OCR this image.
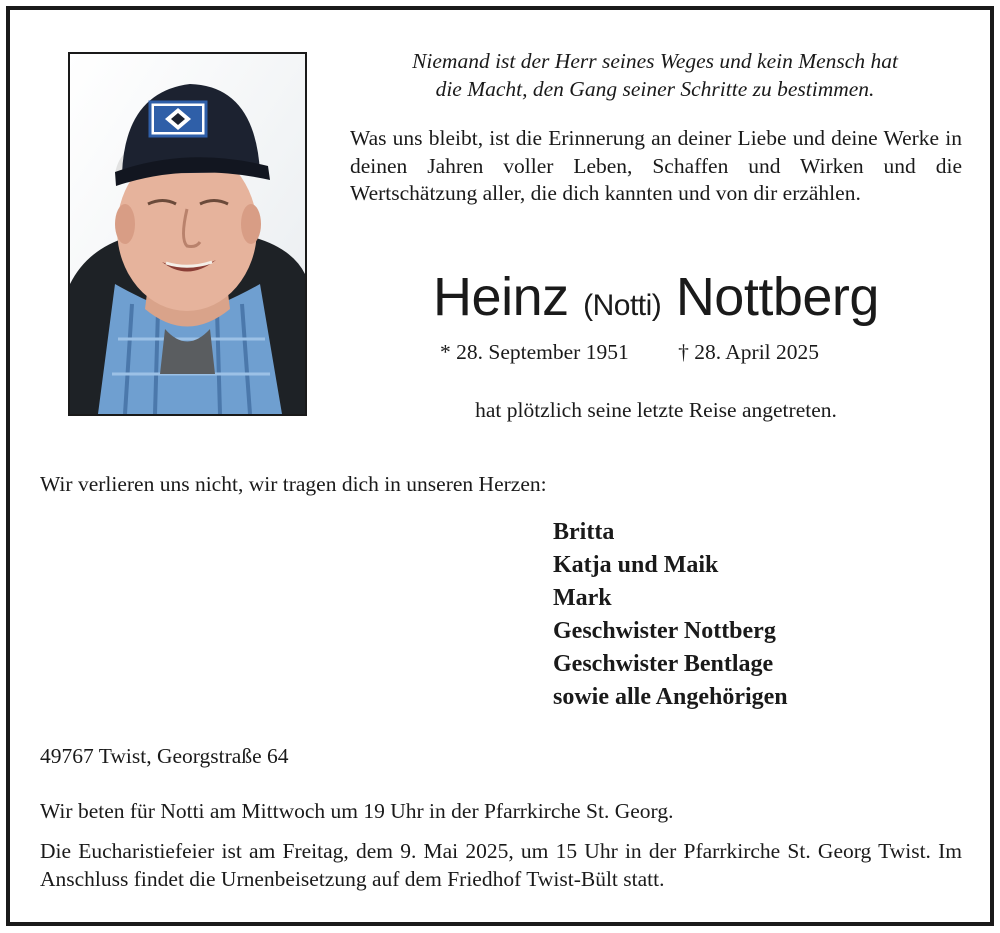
Niemand ist der Herr seines Weges und kein Mensch hat
die Macht, den Gang seiner Schritte zu bestimmen.
Was uns bleibt, ist die Erinnerung an deiner Liebe und deine Werke in deinen Jahren voller Leben, Schaffen und Wirken und die Wertschätzung aller, die dich kannten und von dir erzählen.
Heinz (Notti) Nottberg
* 28. September 1951 † 28. April 2025
hat plötzlich seine letzte Reise angetreten.
Wir verlieren uns nicht, wir tragen dich in unseren Herzen:
Britta
Katja und Maik
Mark
Geschwister Nottberg
Geschwister Bentlage
sowie alle Angehörigen
49767 Twist, Georgstraße 64
Wir beten für Notti am Mittwoch um 19 Uhr in der Pfarrkirche St. Georg.
Die Eucharistiefeier ist am Freitag, dem 9. Mai 2025, um 15 Uhr in der Pfarrkirche St. Georg Twist. Im Anschluss findet die Urnenbeisetzung auf dem Friedhof Twist-Bült statt.
